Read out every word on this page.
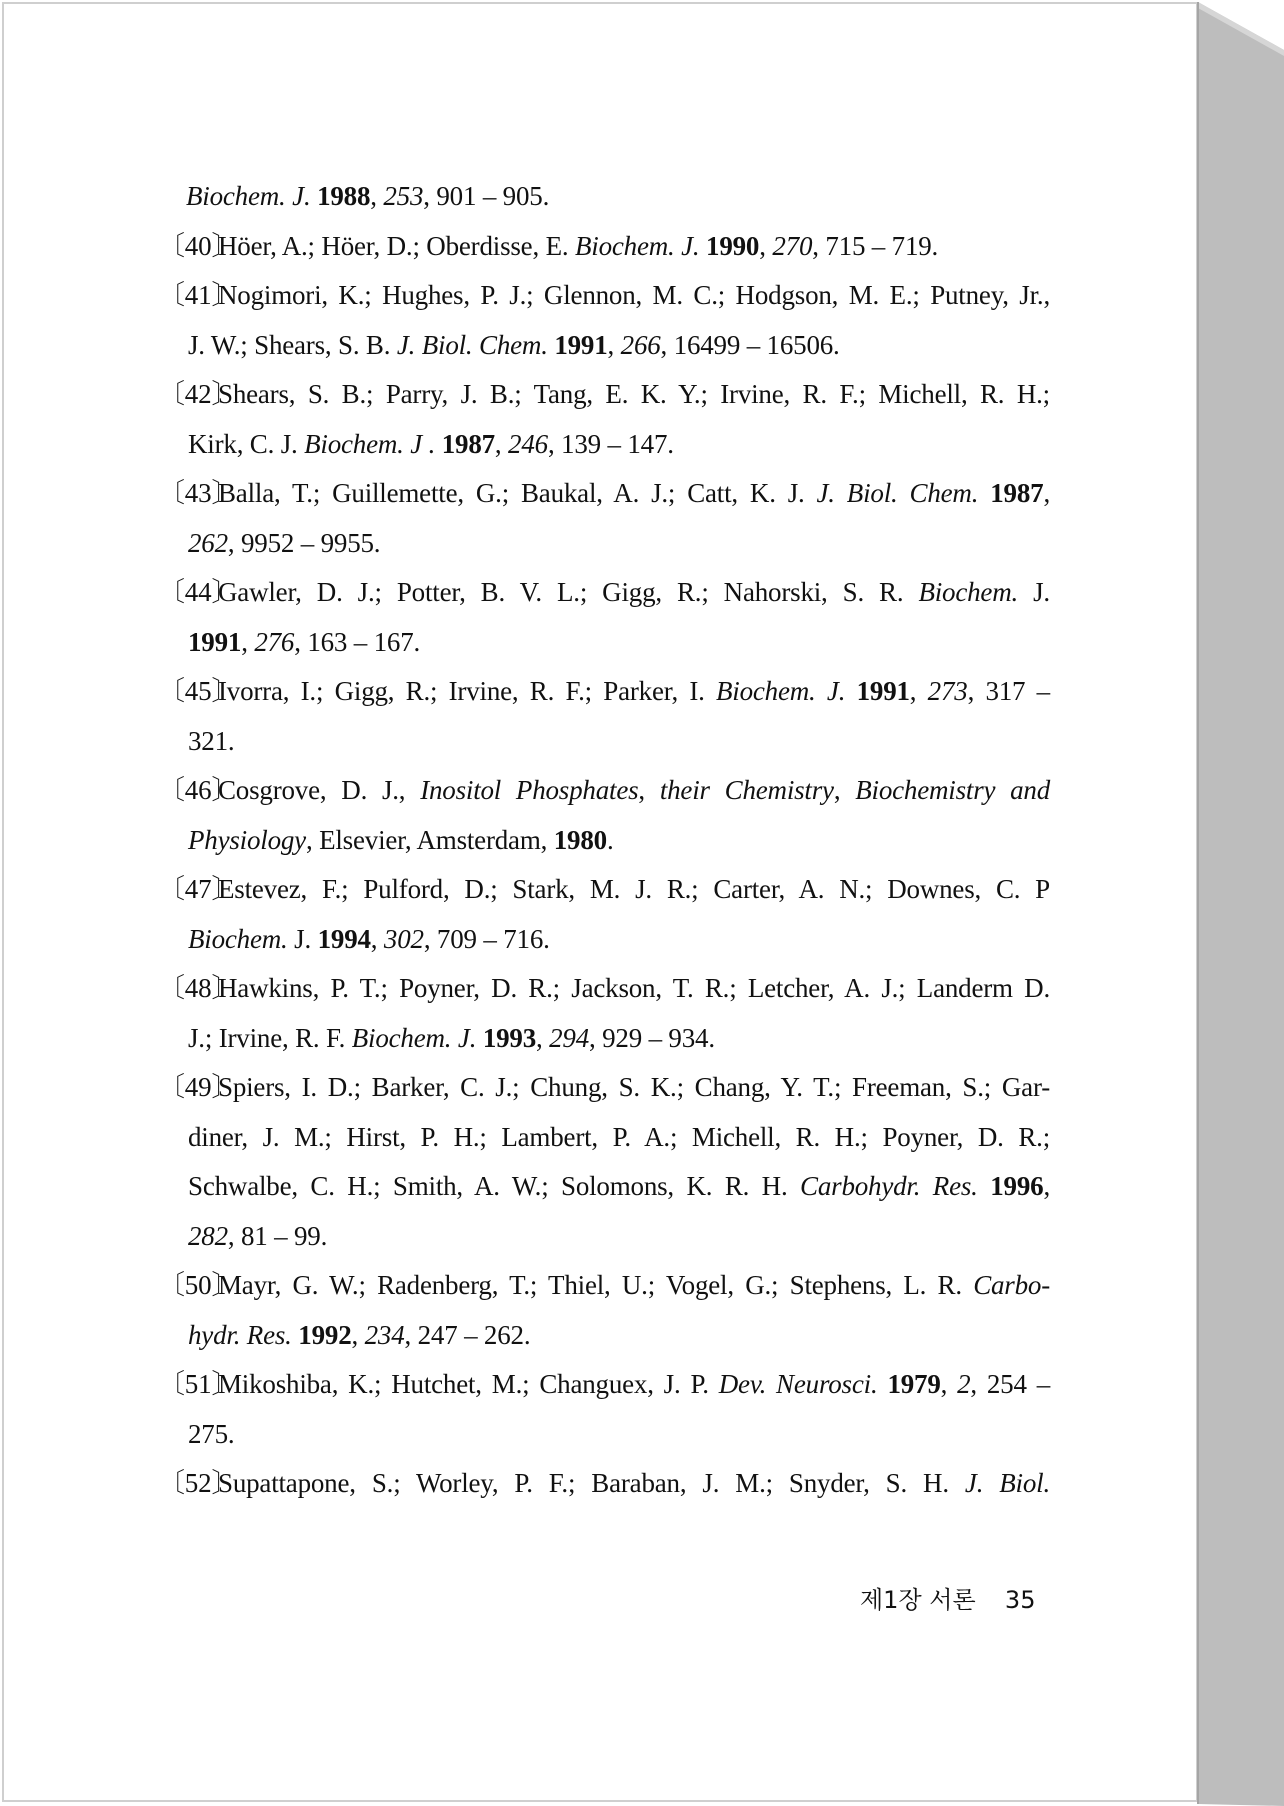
Biochem. J. 1988, 253, 901 – 905.
〔40〕Höer, A.; Höer, D.; Oberdisse, E. Biochem. J. 1990, 270, 715 – 719.
〔41〕Nogimori, K.; Hughes, P. J.; Glennon, M. C.; Hodgson, M. E.; Putney, Jr.,
J. W.; Shears, S. B. J. Biol. Chem. 1991, 266, 16499 – 16506.
〔42〕Shears, S. B.; Parry, J. B.; Tang, E. K. Y.; Irvine, R. F.; Michell, R. H.;
Kirk, C. J. Biochem. J . 1987, 246, 139 – 147.
〔43〕Balla, T.; Guillemette, G.; Baukal, A. J.; Catt, K. J. J. Biol. Chem. 1987,
262, 9952 – 9955.
〔44〕Gawler, D. J.; Potter, B. V. L.; Gigg, R.; Nahorski, S. R. Biochem. J.
1991, 276, 163 – 167.
〔45〕Ivorra, I.; Gigg, R.; Irvine, R. F.; Parker, I. Biochem. J. 1991, 273, 317 –
321.
〔46〕Cosgrove, D. J., Inositol Phosphates, their Chemistry, Biochemistry and
Physiology, Elsevier, Amsterdam, 1980.
〔47〕Estevez, F.; Pulford, D.; Stark, M. J. R.; Carter, A. N.; Downes, C. P
Biochem. J. 1994, 302, 709 – 716.
〔48〕Hawkins, P. T.; Poyner, D. R.; Jackson, T. R.; Letcher, A. J.; Landerm D.
J.; Irvine, R. F. Biochem. J. 1993, 294, 929 – 934.
〔49〕Spiers, I. D.; Barker, C. J.; Chung, S. K.; Chang, Y. T.; Freeman, S.; Gar-
diner, J. M.; Hirst, P. H.; Lambert, P. A.; Michell, R. H.; Poyner, D. R.;
Schwalbe, C. H.; Smith, A. W.; Solomons, K. R. H. Carbohydr. Res. 1996,
282, 81 – 99.
〔50〕Mayr, G. W.; Radenberg, T.; Thiel, U.; Vogel, G.; Stephens, L. R. Carbo-
hydr. Res. 1992, 234, 247 – 262.
〔51〕Mikoshiba, K.; Hutchet, M.; Changuex, J. P. Dev. Neurosci. 1979, 2, 254 –
275.
〔52〕Supattapone, S.; Worley, P. F.; Baraban, J. M.; Snyder, S. H. J. Biol.
제1장 서론 35
